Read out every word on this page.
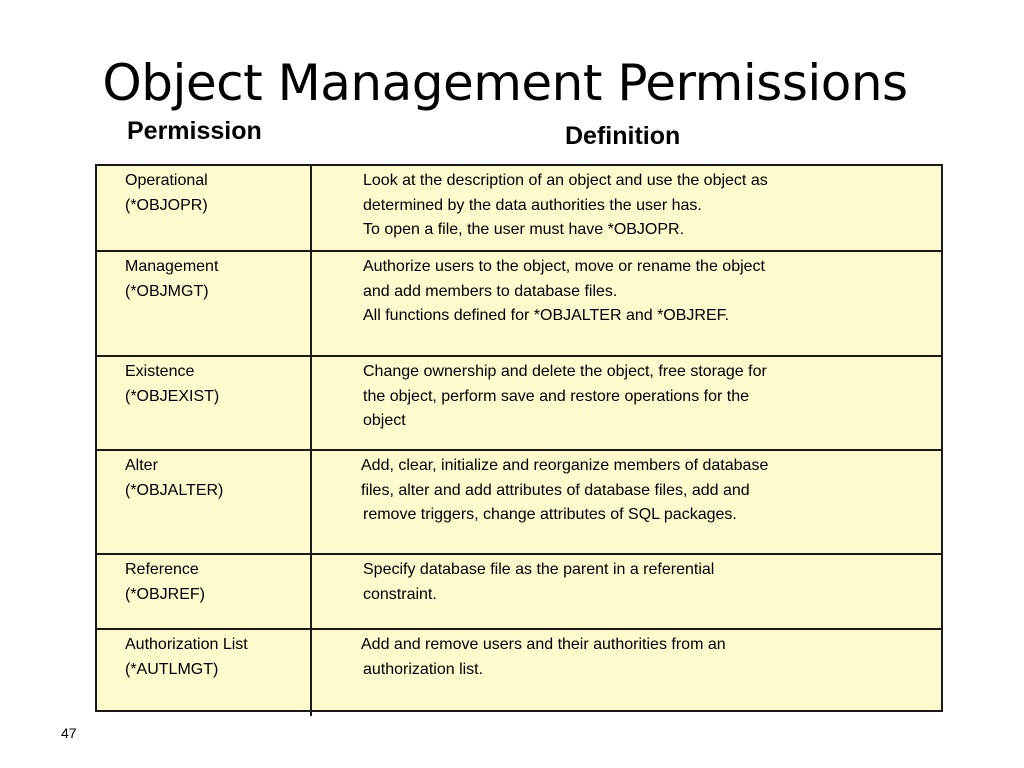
Object Management Permissions
Permission	Definition
Operational
(*OBJOPR)
Look at the description of an object and use the object as
determined by the data authorities the user has.
To open a file, the user must have *OBJOPR.
Management
(*OBJMGT)
Authorize users to the object, move or rename the object
and add members to database files.
All functions defined for *OBJALTER and *OBJREF.
Existence
(*OBJEXIST)
Change ownership and delete the object, free storage for
the object, perform save and restore operations for the
object
Alter
(*OBJALTER)
Add, clear, initialize and reorganize members of database
files, alter and add attributes of database files, add and
remove triggers, change attributes of SQL packages.
Reference
(*OBJREF)
Specify database file as the parent in a referential
constraint.
Authorization List
(*AUTLMGT)
Add and remove users and their authorities from an
authorization list.
47
